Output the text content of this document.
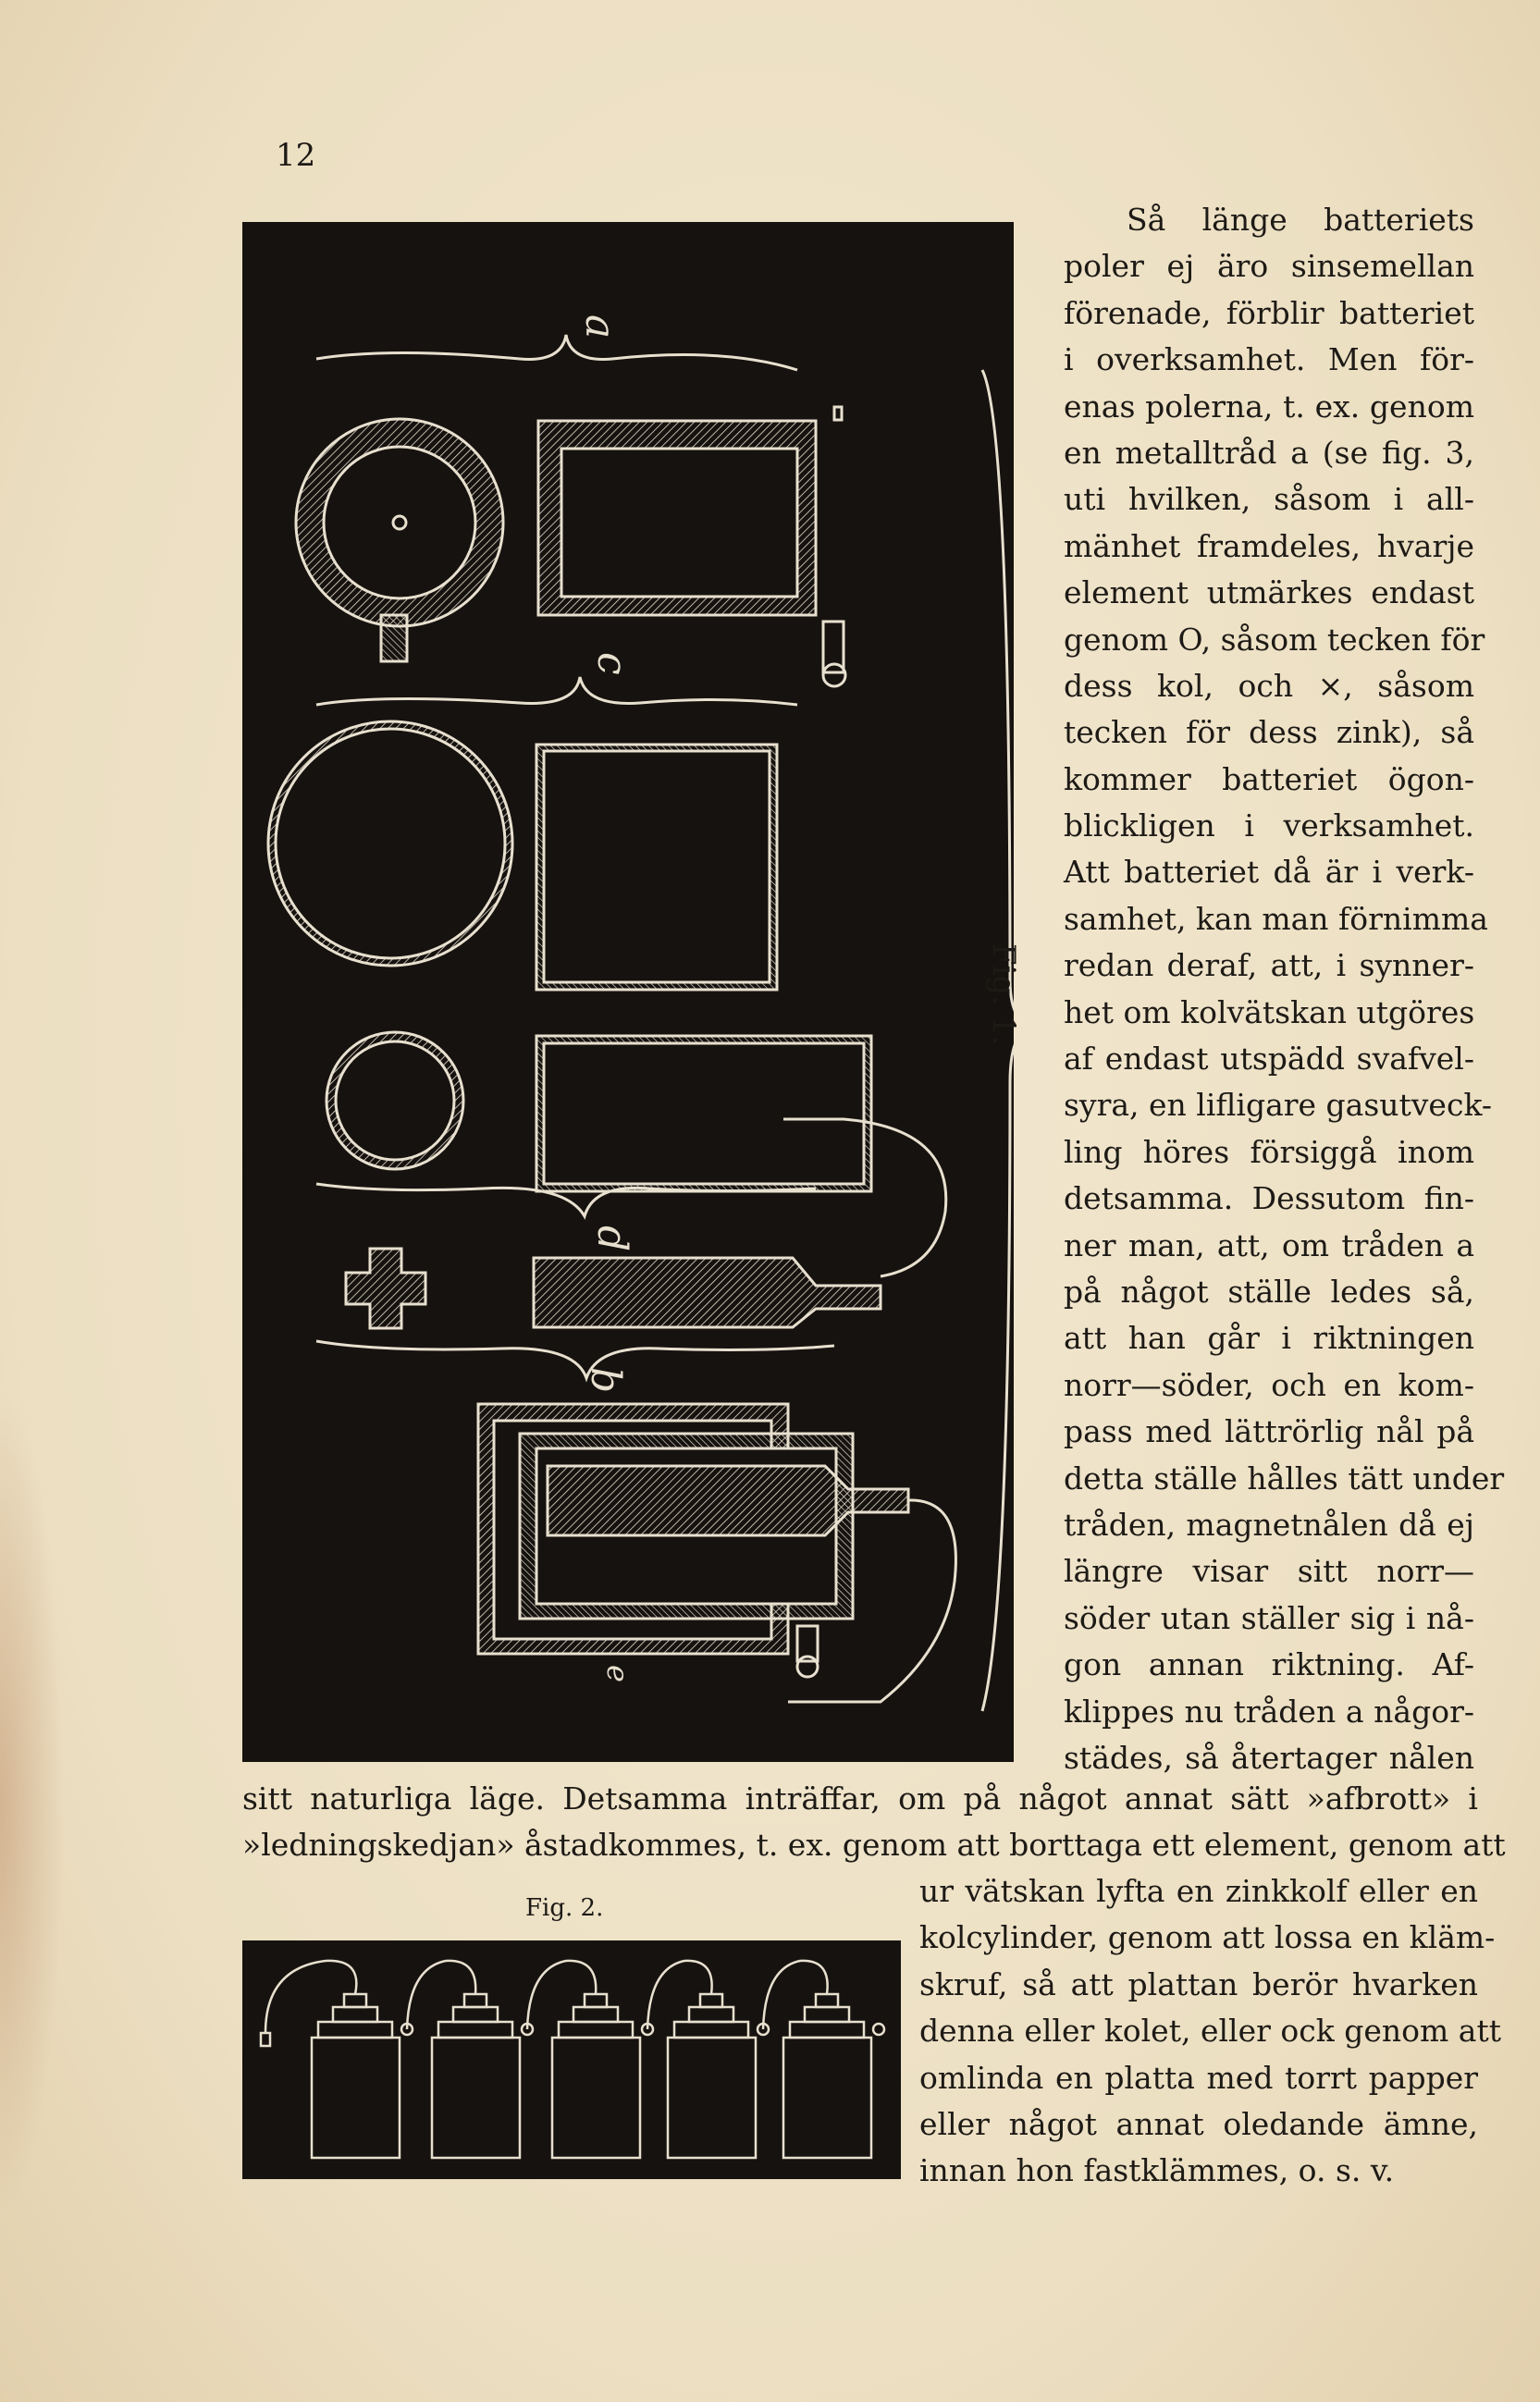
12
a
c
d
b
e
Fig. 1.
Så länge batteriets
poler ej äro sinsemellan
förenade, förblir batteriet
i overksamhet. Men för-
enas polerna, t. ex. genom
en metalltråd a (se fig. 3,
uti hvilken, såsom i all-
mänhet framdeles, hvarje
element utmärkes endast
genom O, såsom tecken för
dess kol, och ×, såsom
tecken för dess zink), så
kommer batteriet ögon-
blickligen i verksamhet.
Att batteriet då är i verk-
samhet, kan man förnimma
redan deraf, att, i synner-
het om kolvätskan utgöres
af endast utspädd svafvel-
syra, en lifligare gasutveck-
ling höres försiggå inom
detsamma. Dessutom fin-
ner man, att, om tråden a
på något ställe ledes så,
att han går i riktningen
norr—söder, och en kom-
pass med lättrörlig nål på
detta ställe hålles tätt under
tråden, magnetnålen då ej
längre visar sitt norr—
söder utan ställer sig i nå-
gon annan riktning. Af-
klippes nu tråden a någor-
städes, så återtager nålen
sitt naturliga läge. Detsamma inträffar, om på något annat sätt »afbrott» i
»ledningskedjan» åstadkommes, t. ex. genom att borttaga ett element, genom att
Fig. 2.	ur vätskan lyfta en zinkkolf eller en
kolcylinder, genom att lossa en kläm-
skruf, så att plattan berör hvarken
denna eller kolet, eller ock genom att
omlinda en platta med torrt papper
eller något annat oledande ämne,
innan hon fastklämmes, o. s. v.
